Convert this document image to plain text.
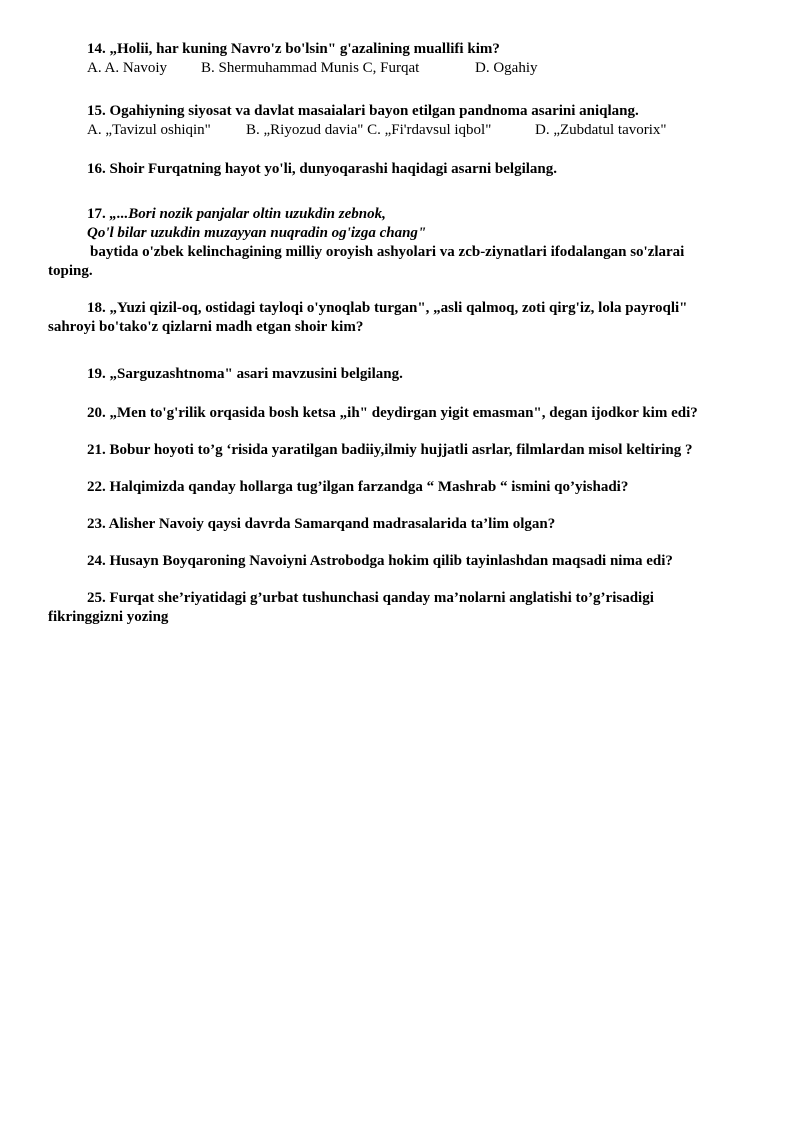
14. „Holii, har kuning Navro'z bo'lsin" g'azalining muallifi kim?
A. A. Navoiy B. Shermuhammad Munis C, Furqat	D. Ogahiy
15. Ogahiyning siyosat va davlat masaialari bayon etilgan pandnoma asarini aniqlang.
A. „Tavizul oshiqin" B. „Riyozud davia" C. „Fi'rdavsul iqbol"	D. „Zubdatul tavorix"
16. Shoir Furqatning hayot yo'li, dunyoqarashi haqidagi asarni belgilang.
17. „...Bori nozik panjalar oltin uzukdin zebnok,
Qo'l bilar uzukdin muzayyan nuqradin og'izga chang"
baytida o'zbek kelinchagining milliy oroyish ashyolari va zcb-ziynatlari ifodalangan so'zlarai
toping.
18. „Yuzi qizil-oq, ostidagi tayloqi o'ynoqlab turgan", „asli qalmoq, zoti qirg'iz, lola payroqli"
sahroyi bo'tako'z qizlarni madh etgan shoir kim?
19. „Sarguzashtnoma" asari mavzusini belgilang.
20. „Men to'g'rilik orqasida bosh ketsa „ih" deydirgan yigit emasman", degan ijodkor kim edi?
21. Bobur hoyoti to’g ‘risida yaratilgan badiiy,ilmiy hujjatli asrlar, filmlardan misol keltiring ?
22. Halqimizda qanday hollarga tug’ilgan farzandga “ Mashrab “ ismini qo’yishadi?
23. Alisher Navoiy qaysi davrda Samarqand madrasalarida ta’lim olgan?
24. Husayn Boyqaroning Navoiyni Astrobodga hokim qilib tayinlashdan maqsadi nima edi?
25. Furqat she’riyatidagi g’urbat tushunchasi qanday ma’nolarni anglatishi to’g’risadigi
fikringgizni yozing
